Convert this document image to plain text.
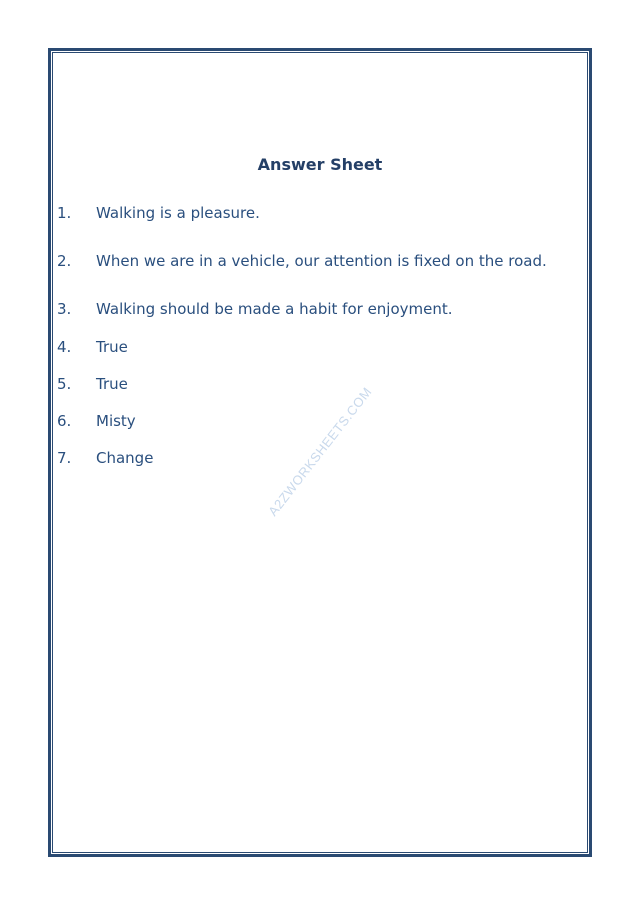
Answer Sheet
1. Walking is a pleasure.
2. When we are in a vehicle, our attention is fixed on the road.
3. Walking should be made a habit for enjoyment.
4. True
5. True
6. Misty
7. Change	A2ZWORKSHEETS.COM
